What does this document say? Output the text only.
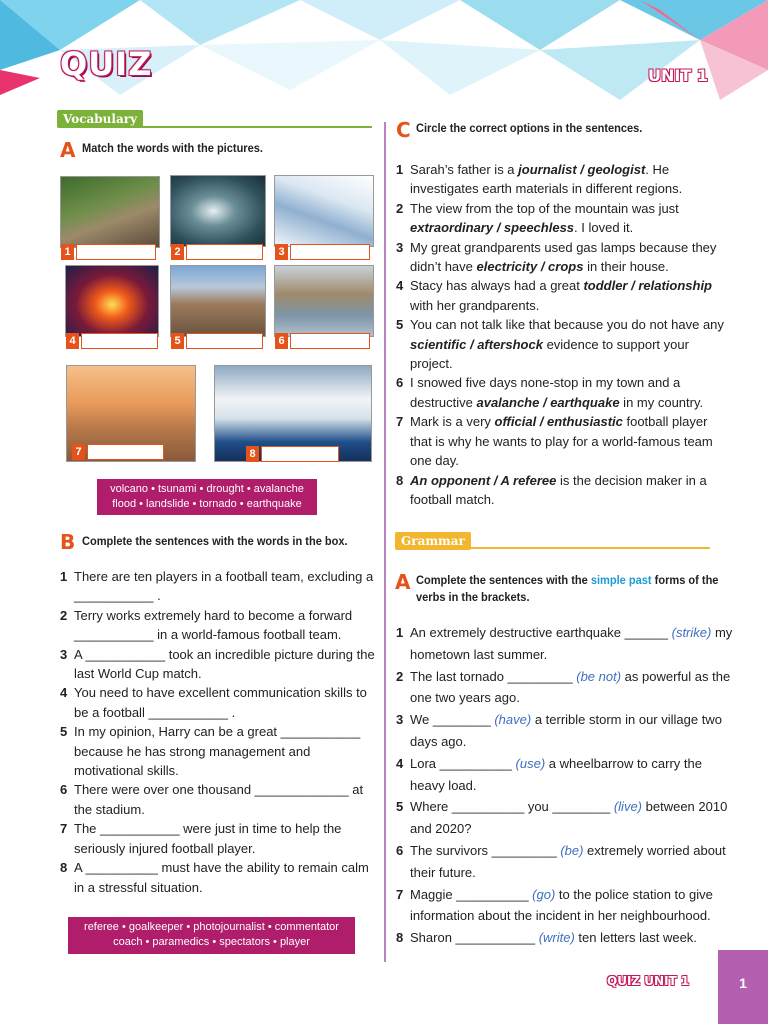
QUIZ	UNIT 1
Vocabulary
A Match the words with the pictures.
1	2	3
4	5	6
7	8
volcano • tsunami • drought • avalanche
flood • landslide • tornado • earthquake
B Complete the sentences with the words in the box.
1 There are ten players in a football team, excluding a ___________ .
2 Terry works extremely hard to become a forward ___________ in a world-famous football team.
3 A ___________ took an incredible picture during the last World Cup match.
4 You need to have excellent communication skills to be a football ___________ .
5 In my opinion, Harry can be a great ___________ because he has strong management and motivational skills.
6 There were over one thousand _____________ at the stadium.
7 The ___________ were just in time to help the seriously injured football player.
8 A __________ must have the ability to remain calm in a stressful situation.
referee • goalkeeper • photojournalist • commentator
coach • paramedics • spectators • player
C Circle the correct options in the sentences.
1 Sarah’s father is a journalist / geologist. He investigates earth materials in different regions.
2 The view from the top of the mountain was just extraordinary / speechless. I loved it.
3 My great grandparents used gas lamps because they didn’t have electricity / crops in their house.
4 Stacy has always had a great toddler / relationship with her grandparents.
5 You can not talk like that because you do not have any scientific / aftershock evidence to support your project.
6 I snowed five days none-stop in my town and a destructive avalanche / earthquake in my country.
7 Mark is a very official / enthusiastic football player that is why he wants to play for a world-famous team one day.
8 An opponent / A referee is the decision maker in a football match.
Grammar
A Complete the sentences with the simple past forms of the verbs in the brackets.
1 An extremely destructive earthquake ______ (strike) my hometown last summer.
2 The last tornado _________ (be not) as powerful as the one two years ago.
3 We ________ (have) a terrible storm in our village two days ago.
4 Lora __________ (use) a wheelbarrow to carry the heavy load.
5 Where __________ you ________ (live) between 2010 and 2020?
6 The survivors _________ (be) extremely worried about their future.
7 Maggie __________ (go) to the police station to give information about the incident in her neighbourhood.
8 Sharon ___________ (write) ten letters last week.
QUIZ UNIT 1	1
